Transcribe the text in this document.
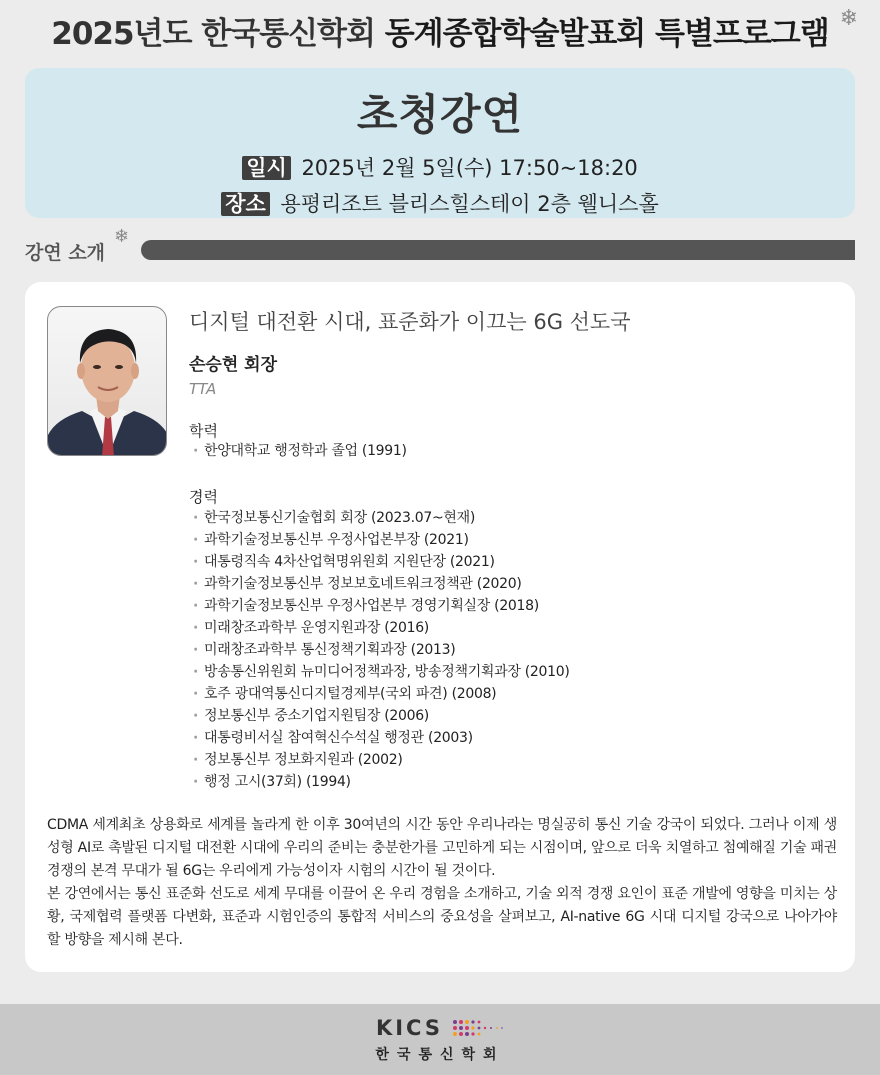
2025년도 한국통신학회 동계종합학술발표회 특별프로그램 ❄
초청강연
일시 2025년 2월 5일(수) 17:50~18:20
장소 용평리조트 블리스힐스테이 2층 웰니스홀
강연 소개
❄
디지털 대전환 시대, 표준화가 이끄는 6G 선도국
손승현 회장
TTA
학력
· 한양대학교 행정학과 졸업 (1991)
경력
· 한국정보통신기술협회 회장 (2023.07~현재)
· 과학기술정보통신부 우정사업본부장 (2021)
· 대통령직속 4차산업혁명위원회 지원단장 (2021)
· 과학기술정보통신부 정보보호네트워크정책관 (2020)
· 과학기술정보통신부 우정사업본부 경영기획실장 (2018)
· 미래창조과학부 운영지원과장 (2016)
· 미래창조과학부 통신정책기획과장 (2013)
· 방송통신위원회 뉴미디어정책과장, 방송정책기획과장 (2010)
· 호주 광대역통신디지털경제부(국외 파견) (2008)
· 정보통신부 중소기업지원팀장 (2006)
· 대통령비서실 참여혁신수석실 행정관 (2003)
· 정보통신부 정보화지원과 (2002)
· 행정 고시(37회) (1994)

CDMA 세계최초 상용화로 세계를 놀라게 한 이후 30여년의 시간 동안 우리나라는 명실공히 통신 기술 강국이 되었다. 그러나 이제 생성형 AI로 촉발된 디지털 대전환 시대에 우리의 준비는 충분한가를 고민하게 되는 시점이며, 앞으로 더욱 치열하고 첨예해질 기술 패권 경쟁의 본격 무대가 될 6G는 우리에게 가능성이자 시험의 시간이 될 것이다.

본 강연에서는 통신 표준화 선도로 세계 무대를 이끌어 온 우리 경험을 소개하고, 기술 외적 경쟁 요인이 표준 개발에 영향을 미치는 상황, 국제협력 플랫폼 다변화, 표준과 시험인증의 통합적 서비스의 중요성을 살펴보고, AI-native 6G 시대 디지털 강국으로 나아가야 할 방향을 제시해 본다.

KICS
한국통신학회
